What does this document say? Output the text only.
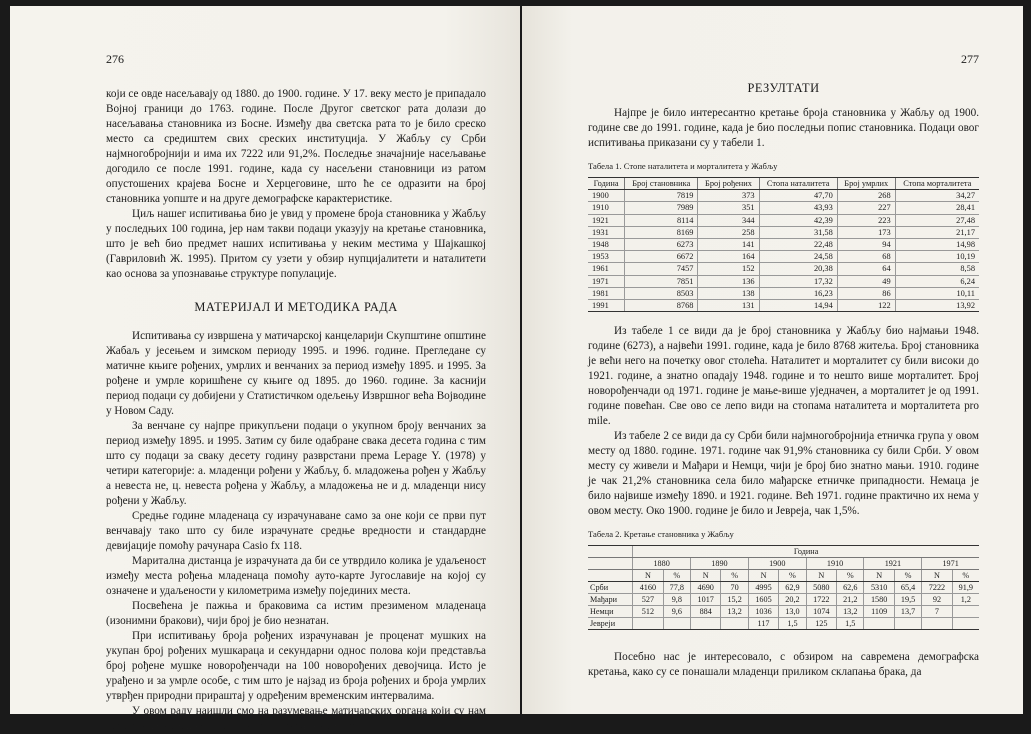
276

који се овде насељавају од 1880. до 1900. године. У 17. веку место је припадало Војној граници до 1763. године. После Другог светског рата долази до насељавања становника из Босне. Између два светска рата то је било среско место са средиштем свих среских институција. У Жабљу су Срби најмногобројнији и има их 7222 или 91,2%. Последње значајније насељавање догодило се после 1991. године, када су насељени становници из ратом опустошених крајева Босне и Херцеговине, што ће се одразити на број становника уопште и на друге демографске карактеристике.

Циљ нашег испитивања био је увид у промене броја становника у Жабљу у последњих 100 година, јер нам такви подаци указују на кретање становника, што је већ био предмет наших испитивања у неким местима у Шајкашкој (Гавриловић Ж. 1995). Притом су узети у обзир нупцијалитети и наталитети као основа за упознавање структуре популације.

МАТЕРИЈАЛ И МЕТОДИКА РАДА

Испитивања су извршена у матичарској канцеларији Скупштине општине Жабаљ у јесењем и зимском периоду 1995. и 1996. године. Прегледане су матичне књиге рођених, умрлих и венчаних за период између 1895. и 1995. За рођене и умрле коришћене су књиге од 1895. до 1960. године. За каснији период подаци су добијени у Статистичком одељењу Извршног већа Војводине у Новом Саду.

За венчане су најпре прикупљени подаци о укупном броју венчаних за период између 1895. и 1995. Затим су биле одабране свака десета година с тим што су подаци за сваку десету годину разврстани према Lepage Y. (1978) у четири категорије: а. младенци рођени у Жабљу, б. младожења рођен у Жабљу а невеста не, ц. невеста рођена у Жабљу, а младожења не и д. младенци нису рођени у Жабљу.

Средње године младенаца су израчунаване само за оне који се први пут венчавају тако што су биле израчунате средње вредности и стандардне девијације помоћу рачунара Casio fx 118.

Маритална дистанца је израчуната да би се утврдило колика је удаљеност између места рођења младенаца помоћу ауто-карте Југославије на којој су означене и удаљености у километрима између појединих места.

Посвећена је пажња и браковима са истим презименом младенаца (изонимни бракови), чији број је био незнатан.

При испитивању броја рођених израчунаван је проценат мушких на укупан број рођених мушкараца и секундарни однос полова који представља број рођене мушке новорођенчади на 100 новорођених девојчица. Исто је урађено и за умрле особе, с тим што је најзад из броја рођених и броја умрлих утврђен природни прираштај у одређеним временским интервалима.

У овом раду наишли смо на разумевање матичарских органа који су нам помогли да успешније остваримо постављени задатак.

277
РЕЗУЛТАТИ

Најпре је било интересантно кретање броја становника у Жабљу од 1900. године све до 1991. године, када је био последњи попис становника. Подаци овог испитивања приказани су у табели 1.

Табела 1. Стопе наталитета и морталитета у Жабљу
Година	Број становника	Број рођених	Стопа наталитета	Број умрлих	Стопа морталитета
1900	7819	373	47,70	268	34,27
1910	7989	351	43,93	227	28,41
1921	8114	344	42,39	223	27,48
1931	8169	258	31,58	173	21,17
1948	6273	141	22,48	94	14,98
1953	6672	164	24,58	68	10,19
1961	7457	152	20,38	64	8,58
1971	7851	136	17,32	49	6,24
1981	8503	138	16,23	86	10,11
1991	8768	131	14,94	122	13,92

Из табеле 1 се види да је број становника у Жабљу био најмањи 1948. године (6273), а највећи 1991. године, када је било 8768 житеља. Број становника је већи него на почетку овог столећа. Наталитет и морталитет су били високи до 1921. године, а знатно опадају 1948. године и то нешто више морталитет. Број новорођенчади од 1971. године је мање-више уједначен, а морталитет је од 1991. године повећан. Све ово се лепо види на стопама наталитета и морталитета pro mile.

Из табеле 2 се види да су Срби били најмногобројнија етничка група у овом месту од 1880. године. 1971. године чак 91,9% становника су били Срби. У овом месту су живели и Мађари и Немци, чији је број био знатно мањи. 1910. године је чак 21,2% становника села било мађарске етничке припадности. Немаца је било највише између 1890. и 1921. године. Већ 1971. године практично их нема у овом месту. Око 1900. године је било и Јевреја, чак 1,5%.

Табела 2. Кретање становника у Жабљу
	Година											
	1880		1890		1900		1910		1921		1971	
	N	%	N	%	N	%	N	%	N	%	N	%
Срби	4160	77,8	4690	70	4995	62,9	5080	62,6	5310	65,4	7222	91,9
Мађари	527	9,8	1017	15,2	1605	20,2	1722	21,2	1580	19,5	92	1,2
Немци	512	9,6	884	13,2	1036	13,0	1074	13,2	1109	13,7	7	
Јевреји					117	1,5	125	1,5				

Посебно нас је интересовало, с обзиром на савремена демографска кретања, како су се понашали младенци приликом склапања брака, да
